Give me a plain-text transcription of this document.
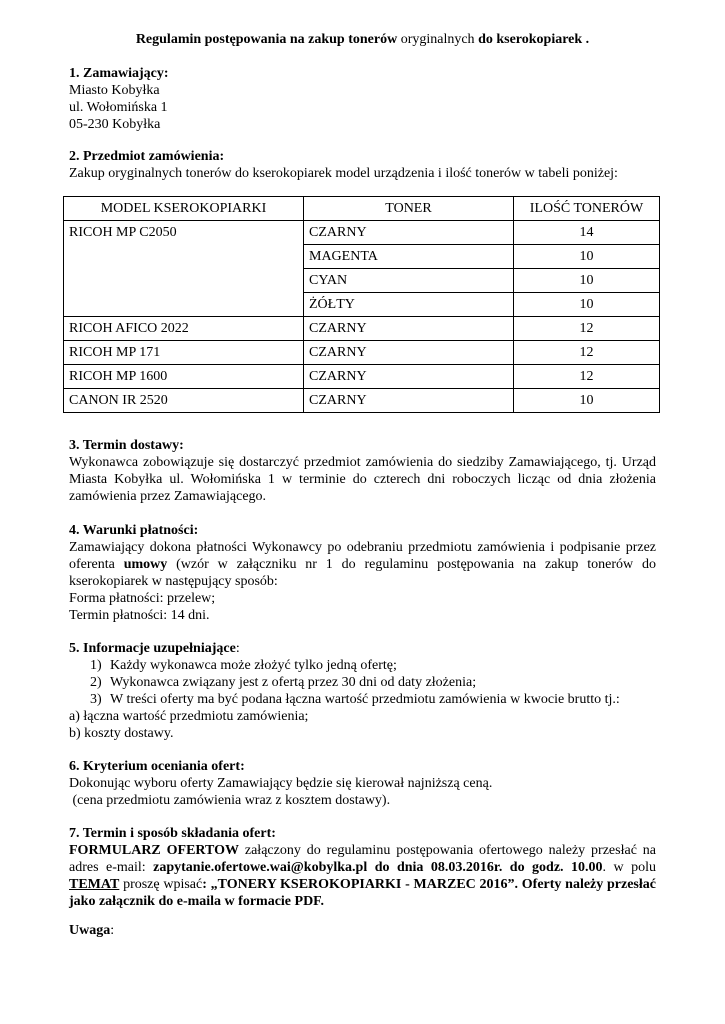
Regulamin postępowania na zakup tonerów oryginalnych do kserokopiarek .
1. Zamawiający:
Miasto Kobyłka
ul. Wołomińska 1
05-230 Kobyłka
2. Przedmiot zamówienia:
Zakup oryginalnych tonerów do kserokopiarek model urządzenia i ilość tonerów w tabeli poniżej:
MODEL KSEROKOPIARKI	TONER	ILOŚĆ TONERÓW
RICOH MP C2050	CZARNY	14
	MAGENTA	10
	CYAN	10
	ŻÓŁTY	10
RICOH AFICO 2022	CZARNY	12
RICOH MP 171	CZARNY	12
RICOH MP 1600	CZARNY	12
CANON IR 2520	CZARNY	10
3. Termin dostawy:
Wykonawca zobowiązuje się dostarczyć przedmiot zamówienia do siedziby Zamawiającego, tj. Urząd Miasta Kobyłka ul. Wołomińska 1 w terminie do czterech dni roboczych licząc od dnia złożenia zamówienia przez Zamawiającego.
4. Warunki płatności:
Zamawiający dokona płatności Wykonawcy po odebraniu przedmiotu zamówienia i podpisanie przez oferenta umowy (wzór w załączniku nr 1 do regulaminu postępowania na zakup tonerów do kserokopiarek w następujący sposób:
Forma płatności: przelew;
Termin płatności: 14 dni.
5. Informacje uzupełniające:
1) Każdy wykonawca może złożyć tylko jedną ofertę;
2) Wykonawca związany jest z ofertą przez 30 dni od daty złożenia;
3) W treści oferty ma być podana łączna wartość przedmiotu zamówienia w kwocie brutto tj.:
a) łączna wartość przedmiotu zamówienia;
b) koszty dostawy.
6. Kryterium oceniania ofert:
Dokonując wyboru oferty Zamawiający będzie się kierował najniższą ceną.
(cena przedmiotu zamówienia wraz z kosztem dostawy).
7. Termin i sposób składania ofert:
FORMULARZ OFERTOW załączony do regulaminu postępowania ofertowego należy przesłać na adres e-mail: zapytanie.ofertowe.wai@kobylka.pl do dnia 08.03.2016r. do godz. 10.00. w polu TEMAT proszę wpisać: „TONERY KSEROKOPIARKI - MARZEC 2016”. Oferty należy przesłać jako załącznik do e-maila w formacie PDF.
Uwaga:
